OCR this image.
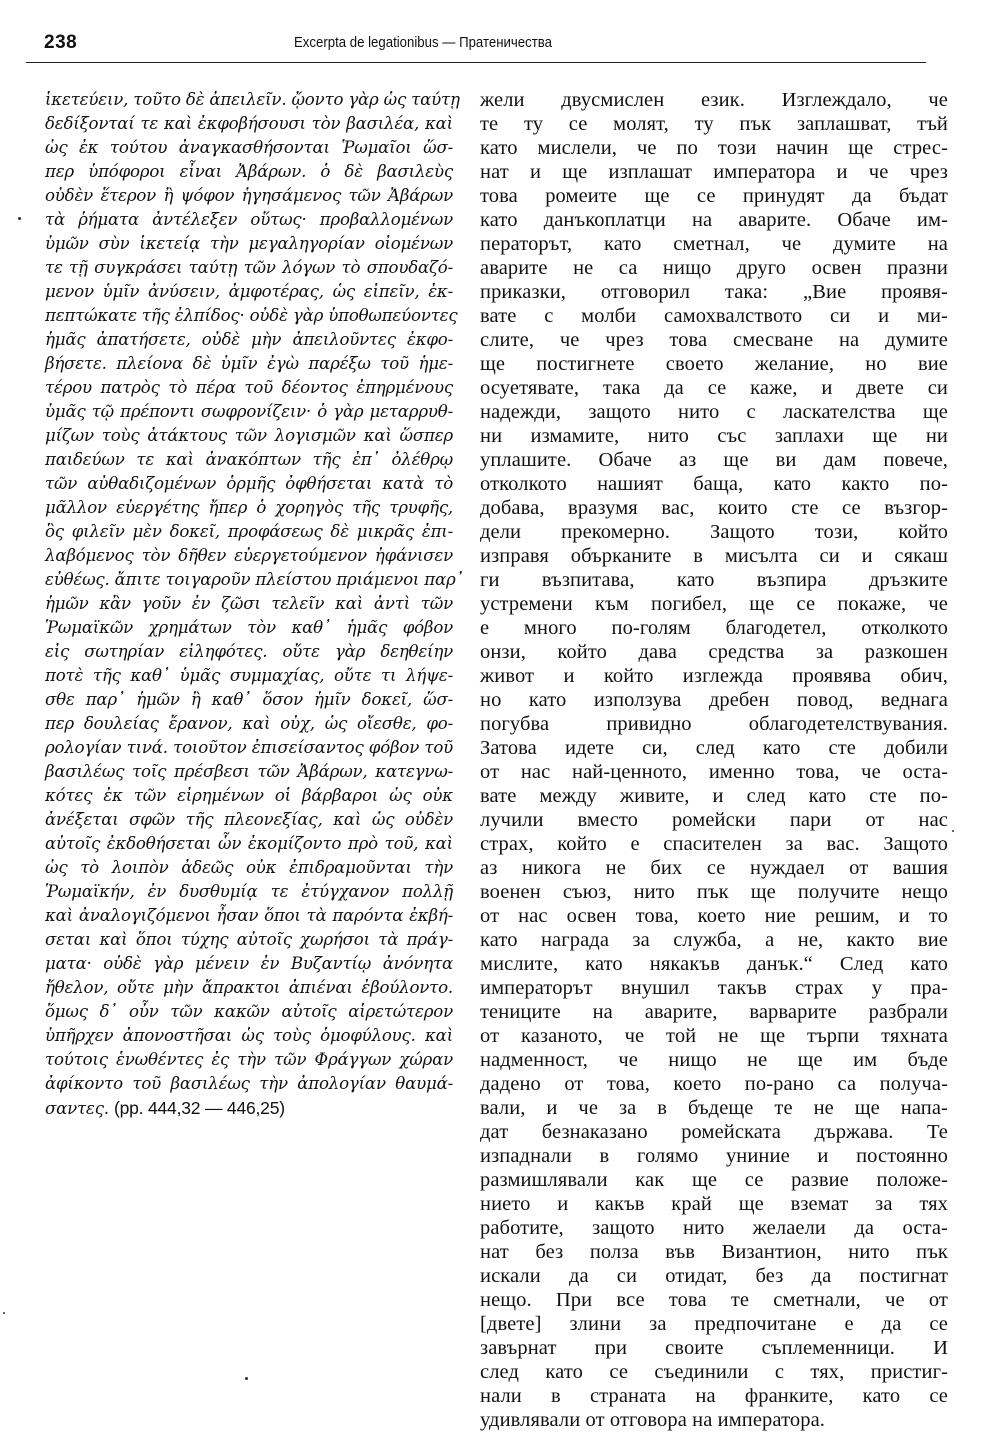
238	Excerpta de legationibus — Пратеничества
ἱκετεύειν, τοῦτο δὲ ἀπειλεῖν. ᾤοντο γὰρ ὡς ταύτῃ
δεδίξονταί τε καὶ ἐκφοβήσουσι τὸν βασιλέα, καὶ
ὡς ἐκ τούτου ἀναγκασθήσονται Ῥωμαῖοι ὥσ-
περ ὑπόφοροι εἶναι Ἀβάρων. ὁ δὲ βασιλεὺς
οὐδὲν ἕτερον ἢ ψόφον ἡγησάμενος τῶν Ἀβάρων
τὰ ῥήματα ἀντέλεξεν οὕτως· προβαλλομένων
ὑμῶν σὺν ἱκετείᾳ τὴν μεγαληγορίαν οἰομένων
τε τῇ συγκράσει ταύτῃ τῶν λόγων τὸ σπουδαζό-
μενον ὑμῖν ἀνύσειν, ἀμφοτέρας, ὡς εἰπεῖν, ἐκ-
πεπτώκατε τῆς ἐλπίδος· οὐδὲ γὰρ ὑποθωπεύοντες
ἡμᾶς ἀπατήσετε, οὐδὲ μὴν ἀπειλοῦντες ἐκφο-
βήσετε. πλείονα δὲ ὑμῖν ἐγὼ παρέξω τοῦ ἡμε-
τέρου πατρὸς τὸ πέρα τοῦ δέοντος ἐπηρμένους
ὑμᾶς τῷ πρέποντι σωφρονίζειν· ὁ γὰρ μεταρρυθ-
μίζων τοὺς ἀτάκτους τῶν λογισμῶν καὶ ὥσπερ
παιδεύων τε καὶ ἀνακόπτων τῆς ἐπ᾽ ὀλέθρῳ
τῶν αὐθαδιζομένων ὁρμῆς ὀφθήσεται κατὰ τὸ
μᾶλλον εὐεργέτης ἤπερ ὁ χορηγὸς τῆς τρυφῆς,
ὃς φιλεῖν μὲν δοκεῖ, προφάσεως δὲ μικρᾶς ἐπι-
λαβόμενος τὸν δῆθεν εὐεργετούμενον ἠφάνισεν
εὐθέως. ἄπιτε τοιγαροῦν πλείστου πριάμενοι παρ᾽
ἡμῶν κἂν γοῦν ἐν ζῶσι τελεῖν καὶ ἀντὶ τῶν
Ῥωμαϊκῶν χρημάτων τὸν καθ᾽ ἡμᾶς φόβον
εἰς σωτηρίαν εἰληφότες. οὔτε γὰρ δεηθείην
ποτὲ τῆς καθ᾽ ὑμᾶς συμμαχίας, οὔτε τι λήψε-
σθε παρ᾽ ἡμῶν ἢ καθ᾽ ὅσον ἡμῖν δοκεῖ, ὥσ-
περ δουλείας ἔρανον, καὶ οὐχ, ὡς οἴεσθε, φο-
ρολογίαν τινά. τοιοῦτον ἐπισείσαντος φόβον τοῦ
βασιλέως τοῖς πρέσβεσι τῶν Ἀβάρων, κατεγνω-
κότες ἐκ τῶν εἰρημένων οἱ βάρβαροι ὡς οὐκ
ἀνέξεται σφῶν τῆς πλεονεξίας, καὶ ὡς οὐδὲν
αὐτοῖς ἐκδοθήσεται ὧν ἐκομίζοντο πρὸ τοῦ, καὶ
ὡς τὸ λοιπὸν ἀδεῶς οὐκ ἐπιδραμοῦνται τὴν
Ῥωμαϊκήν, ἐν δυσθυμίᾳ τε ἐτύγχανον πολλῇ
καὶ ἀναλογιζόμενοι ἦσαν ὅποι τὰ παρόντα ἐκβή-
σεται καὶ ὅποι τύχης αὐτοῖς χωρήσοι τὰ πράγ-
ματα· οὐδὲ γὰρ μένειν ἐν Βυζαντίῳ ἀνόνητα
ἤθελον, οὔτε μὴν ἄπρακτοι ἀπιέναι ἐβούλοντο.
ὅμως δ᾽ οὖν τῶν κακῶν αὐτοῖς αἱρετώτερον
ὑπῆρχεν ἀπονοστῆσαι ὡς τοὺς ὁμοφύλους. καὶ
τούτοις ἑνωθέντες ἐς τὴν τῶν Φράγγων χώραν
ἀφίκοντο τοῦ βασιλέως τὴν ἀπολογίαν θαυμά-
σαντες. (pp. 444,32 — 446,25)
жели двусмислен език. Изглеждало, че
те ту се молят, ту пък заплашват, тъй
като мислели, че по този начин ще стрес-
нат и ще изплашат императора и че чрез
това ромеите ще се принудят да бъдат
като данъкоплатци на аварите. Обаче им-
ператорът, като сметнал, че думите на
аварите не са нищо друго освен празни
приказки, отговорил така: „Вие проявя-
вате с молби самохвалството си и ми-
слите, че чрез това смесване на думите
ще постигнете своето желание, но вие
осуетявате, така да се каже, и двете си
надежди, защото нито с ласкателства ще
ни измамите, нито със заплахи ще ни
уплашите. Обаче аз ще ви дам повече,
отколкото нашият баща, като както по-
добава, вразумя вас, които сте се възгор-
дели прекомерно. Защото този, който
изправя обърканите в мисълта си и сякаш
ги възпитава, като възпира дръзките
устремени към погибел, ще се покаже, че
е много по-голям благодетел, отколкото
онзи, който дава средства за разкошен
живот и който изглежда проявява обич,
но като използува дребен повод, веднага
погубва привидно облагодетелствувания.
Затова идете си, след като сте добили
от нас най-ценното, именно това, че оста-
вате между живите, и след като сте по-
лучили вместо ромейски пари от нас
страх, който е спасителен за вас. Защото
аз никога не бих се нуждаел от вашия
военен съюз, нито пък ще получите нещо
от нас освен това, което ние решим, и то
като награда за служба, а не, както вие
мислите, като някакъв данък.“ След като
императорът внушил такъв страх у пра-
тениците на аварите, варварите разбрали
от казаното, че той не ще търпи тяхната
надменност, че нищо не ще им бъде
дадено от това, което по-рано са получа-
вали, и че за в бъдеще те не ще напа-
дат безнаказано ромейската държава. Те
изпаднали в голямо униние и постоянно
размишлявали как ще се развие положе-
нието и какъв край ще вземат за тях
работите, защото нито желаели да оста-
нат без полза във Византион, нито пък
искали да си отидат, без да постигнат
нещо. При все това те сметнали, че от
[двете] злини за предпочитане е да се
завърнат при своите съплеменници. И
след като се съединили с тях, пристиг-
нали в страната на франките, като се
удивлявали от отговора на императора.
